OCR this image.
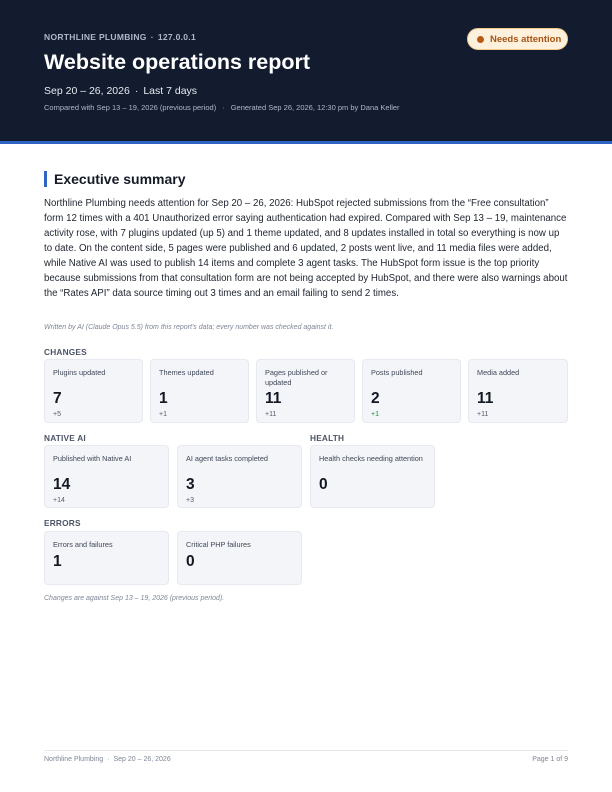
NORTHLINE PLUMBING · 127.0.0.1
Website operations report
Sep 20 – 26, 2026 · Last 7 days
Compared with Sep 13 – 19, 2026 (previous period) · Generated Sep 26, 2026, 12:30 pm by Dana Keller
Needs attention
Executive summary

Northline Plumbing needs attention for Sep 20 – 26, 2026: HubSpot rejected submissions from the “Free consultation” form 12 times with a 401 Unauthorized error saying authentication had expired. Compared with Sep 13 – 19, maintenance activity rose, with 7 plugins updated (up 5) and 1 theme updated, and 8 updates installed in total so everything is now up to date. On the content side, 5 pages were published and 6 updated, 2 posts went live, and 11 media files were added, while Native AI was used to publish 14 items and complete 3 agent tasks. The HubSpot form issue is the top priority because submissions from that consultation form are not being accepted by HubSpot, and there were also warnings about the “Rates API” data source timing out 3 times and an email failing to send 2 times.

Written by AI (Claude Opus 5.5) from this report's data; every number was checked against it.
CHANGES
Plugins updated
7
+5
Themes updated
1
+1
Pages published or updated
11
+11
Posts published
2
+1
Media added
11
+11
NATIVE AI
Published with Native AI
14
+14
AI agent tasks completed
3
+3
HEALTH
Health checks needing attention
0
ERRORS
Errors and failures
1
Critical PHP failures
0
Changes are against Sep 13 – 19, 2026 (previous period).
Northline Plumbing · Sep 20 – 26, 2026	Page 1 of 9
